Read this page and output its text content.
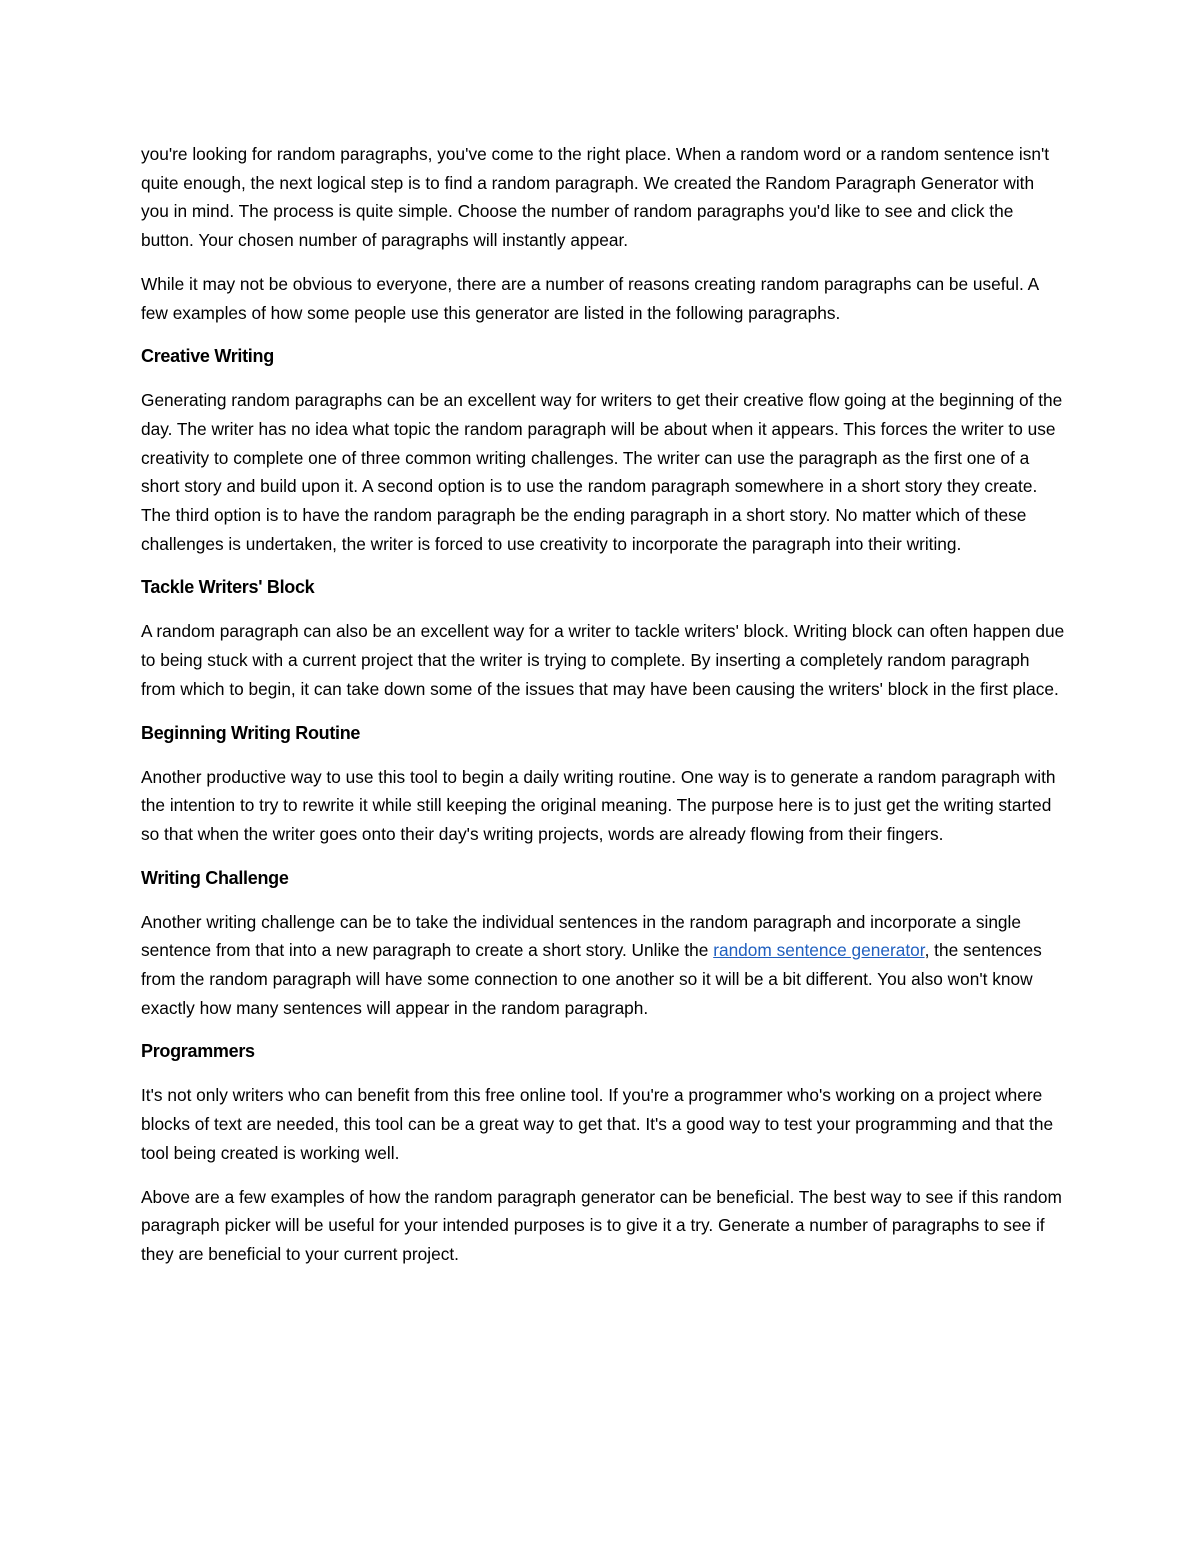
you're looking for random paragraphs, you've come to the right place. When a random word or a random sentence isn't quite enough, the next logical step is to find a random paragraph. We created the Random Paragraph Generator with you in mind. The process is quite simple. Choose the number of random paragraphs you'd like to see and click the button. Your chosen number of paragraphs will instantly appear.

While it may not be obvious to everyone, there are a number of reasons creating random paragraphs can be useful. A few examples of how some people use this generator are listed in the following paragraphs.

Creative Writing

Generating random paragraphs can be an excellent way for writers to get their creative flow going at the beginning of the day. The writer has no idea what topic the random paragraph will be about when it appears. This forces the writer to use creativity to complete one of three common writing challenges. The writer can use the paragraph as the first one of a short story and build upon it. A second option is to use the random paragraph somewhere in a short story they create. The third option is to have the random paragraph be the ending paragraph in a short story. No matter which of these challenges is undertaken, the writer is forced to use creativity to incorporate the paragraph into their writing.

Tackle Writers' Block

A random paragraph can also be an excellent way for a writer to tackle writers' block. Writing block can often happen due to being stuck with a current project that the writer is trying to complete. By inserting a completely random paragraph from which to begin, it can take down some of the issues that may have been causing the writers' block in the first place.

Beginning Writing Routine

Another productive way to use this tool to begin a daily writing routine. One way is to generate a random paragraph with the intention to try to rewrite it while still keeping the original meaning. The purpose here is to just get the writing started so that when the writer goes onto their day's writing projects, words are already flowing from their fingers.

Writing Challenge

Another writing challenge can be to take the individual sentences in the random paragraph and incorporate a single sentence from that into a new paragraph to create a short story. Unlike the random sentence generator, the sentences from the random paragraph will have some connection to one another so it will be a bit different. You also won't know exactly how many sentences will appear in the random paragraph.

Programmers

It's not only writers who can benefit from this free online tool. If you're a programmer who's working on a project where blocks of text are needed, this tool can be a great way to get that. It's a good way to test your programming and that the tool being created is working well.

Above are a few examples of how the random paragraph generator can be beneficial. The best way to see if this random paragraph picker will be useful for your intended purposes is to give it a try. Generate a number of paragraphs to see if they are beneficial to your current project.
